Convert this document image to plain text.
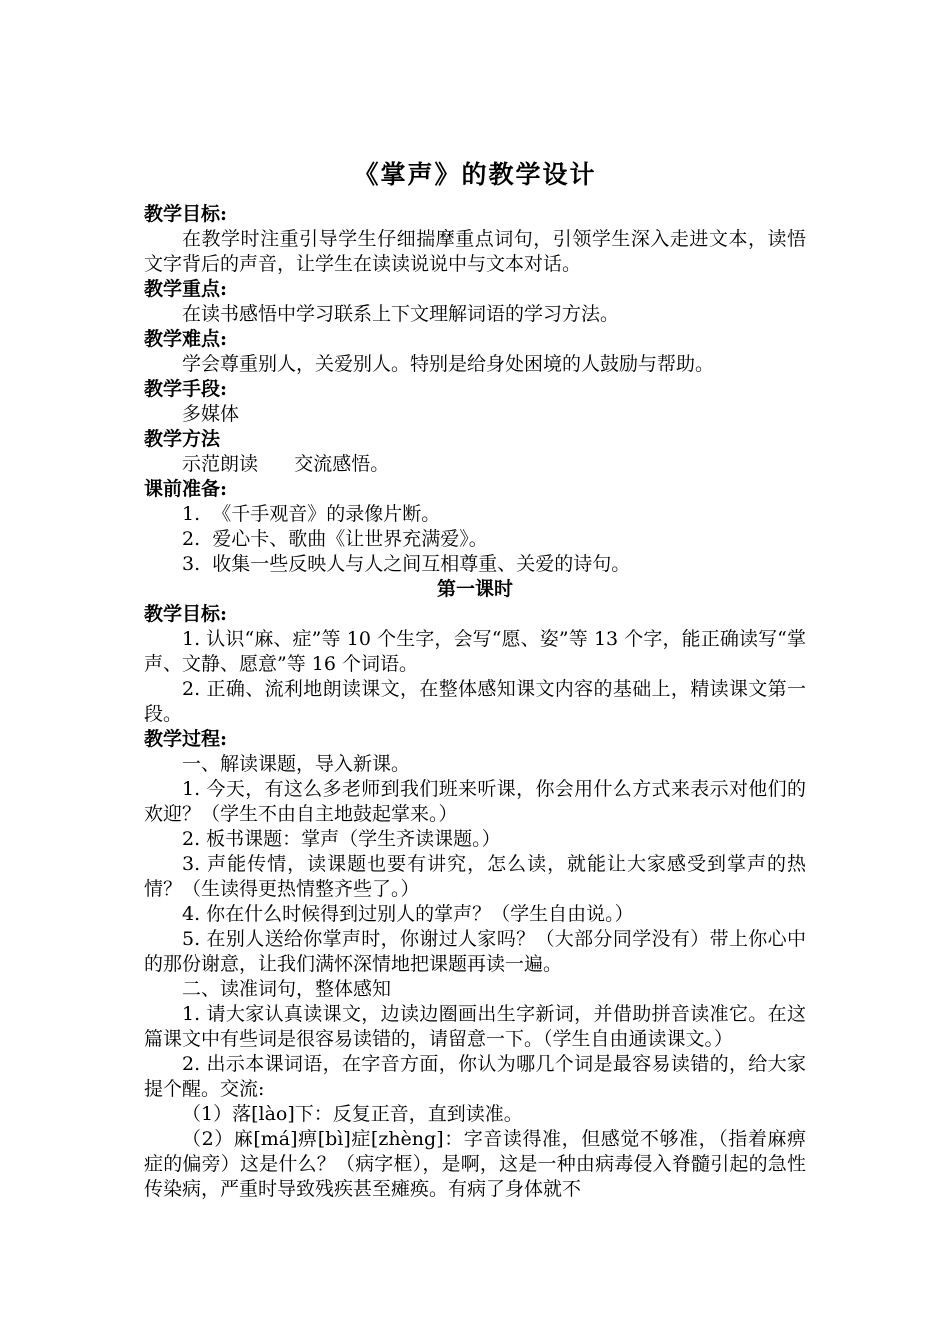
《掌声》的教学设计

教学目标:

在教学时注重引导学生仔细揣摩重点词句，引领学生深入走进文本，读悟文字背后的声音，让学生在读读说说中与文本对话。

教学重点:

在读书感悟中学习联系上下文理解词语的学习方法。

教学难点:

学会尊重别人，关爱别人。特别是给身处困境的人鼓励与帮助。

教学手段:

多媒体

教学方法

示范朗读      交流感悟。

课前准备:

1.  《千手观音》的录像片断。

2.  爱心卡、歌曲《让世界充满爱》。

3.  收集一些反映人与人之间互相尊重、关爱的诗句。

第一课时

教学目标:

1. 认识“麻、症”等 10 个生字，会写“愿、姿”等 13 个字，能正确读写“掌声、文静、愿意”等 16 个词语。

2. 正确、流利地朗读课文，在整体感知课文内容的基础上，精读课文第一段。

教学过程:

一、解读课题，导入新课。

1. 今天，有这么多老师到我们班来听课，你会用什么方式来表示对他们的欢迎？（学生不由自主地鼓起掌来。）

2. 板书课题：掌声（学生齐读课题。）

3. 声能传情，读课题也要有讲究，怎么读，就能让大家感受到掌声的热情？（生读得更热情整齐些了。）

4. 你在什么时候得到过别人的掌声？（学生自由说。）

5. 在别人送给你掌声时，你谢过人家吗？（大部分同学没有）带上你心中的那份谢意，让我们满怀深情地把课题再读一遍。

二、读准词句，整体感知

1. 请大家认真读课文，边读边圈画出生字新词，并借助拼音读准它。在这篇课文中有些词是很容易读错的，请留意一下。（学生自由通读课文。）

2. 出示本课词语，在字音方面，你认为哪几个词是最容易读错的，给大家提个醒。交流:

（1）落[lào]下：反复正音，直到读准。

（2）麻[má]痹[bì]症[zhèng]：字音读得准，但感觉不够准，（指着麻痹症的偏旁）这是什么？（病字框），是啊，这是一种由病毒侵入脊髓引起的急性传染病，严重时导致残疾甚至瘫痪。有病了身体就不
